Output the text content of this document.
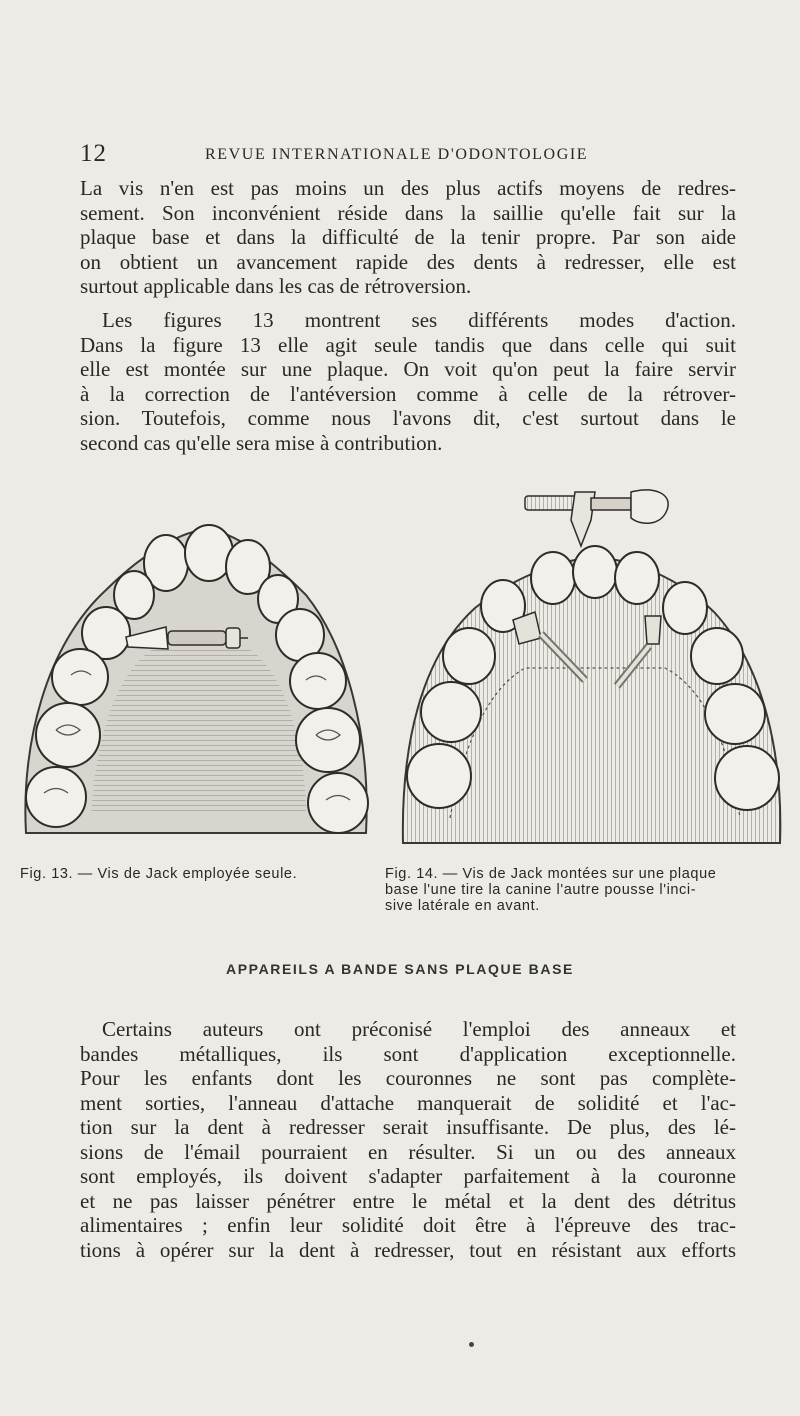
12	REVUE INTERNATIONALE D'ODONTOLOGIE

La vis n'en est pas moins un des plus actifs moyens de redres-
sement. Son inconvénient réside dans la saillie qu'elle fait sur la
plaque base et dans la difficulté de la tenir propre. Par son aide
on obtient un avancement rapide des dents à redresser, elle est
surtout applicable dans les cas de rétroversion.

Les figures 13 montrent ses différents modes d'action.
Dans la figure 13 elle agit seule tandis que dans celle qui suit
elle est montée sur une plaque. On voit qu'on peut la faire servir
à la correction de l'antéversion comme à celle de la rétrover-
sion. Toutefois, comme nous l'avons dit, c'est surtout dans le
second cas qu'elle sera mise à contribution.

Fig. 13. — Vis de Jack employée seule.	Fig. 14. — Vis de Jack montées sur une plaque
base l'une tire la canine l'autre pousse l'inci-
sive latérale en avant.
APPAREILS A BANDE SANS PLAQUE BASE

Certains auteurs ont préconisé l'emploi des anneaux et
bandes métalliques, ils sont d'application exceptionnelle.
Pour les enfants dont les couronnes ne sont pas complète-
ment sorties, l'anneau d'attache manquerait de solidité et l'ac-
tion sur la dent à redresser serait insuffisante. De plus, des lé-
sions de l'émail pourraient en résulter. Si un ou des anneaux
sont employés, ils doivent s'adapter parfaitement à la couronne
et ne pas laisser pénétrer entre le métal et la dent des détritus
alimentaires ; enfin leur solidité doit être à l'épreuve des trac-
tions à opérer sur la dent à redresser, tout en résistant aux efforts
